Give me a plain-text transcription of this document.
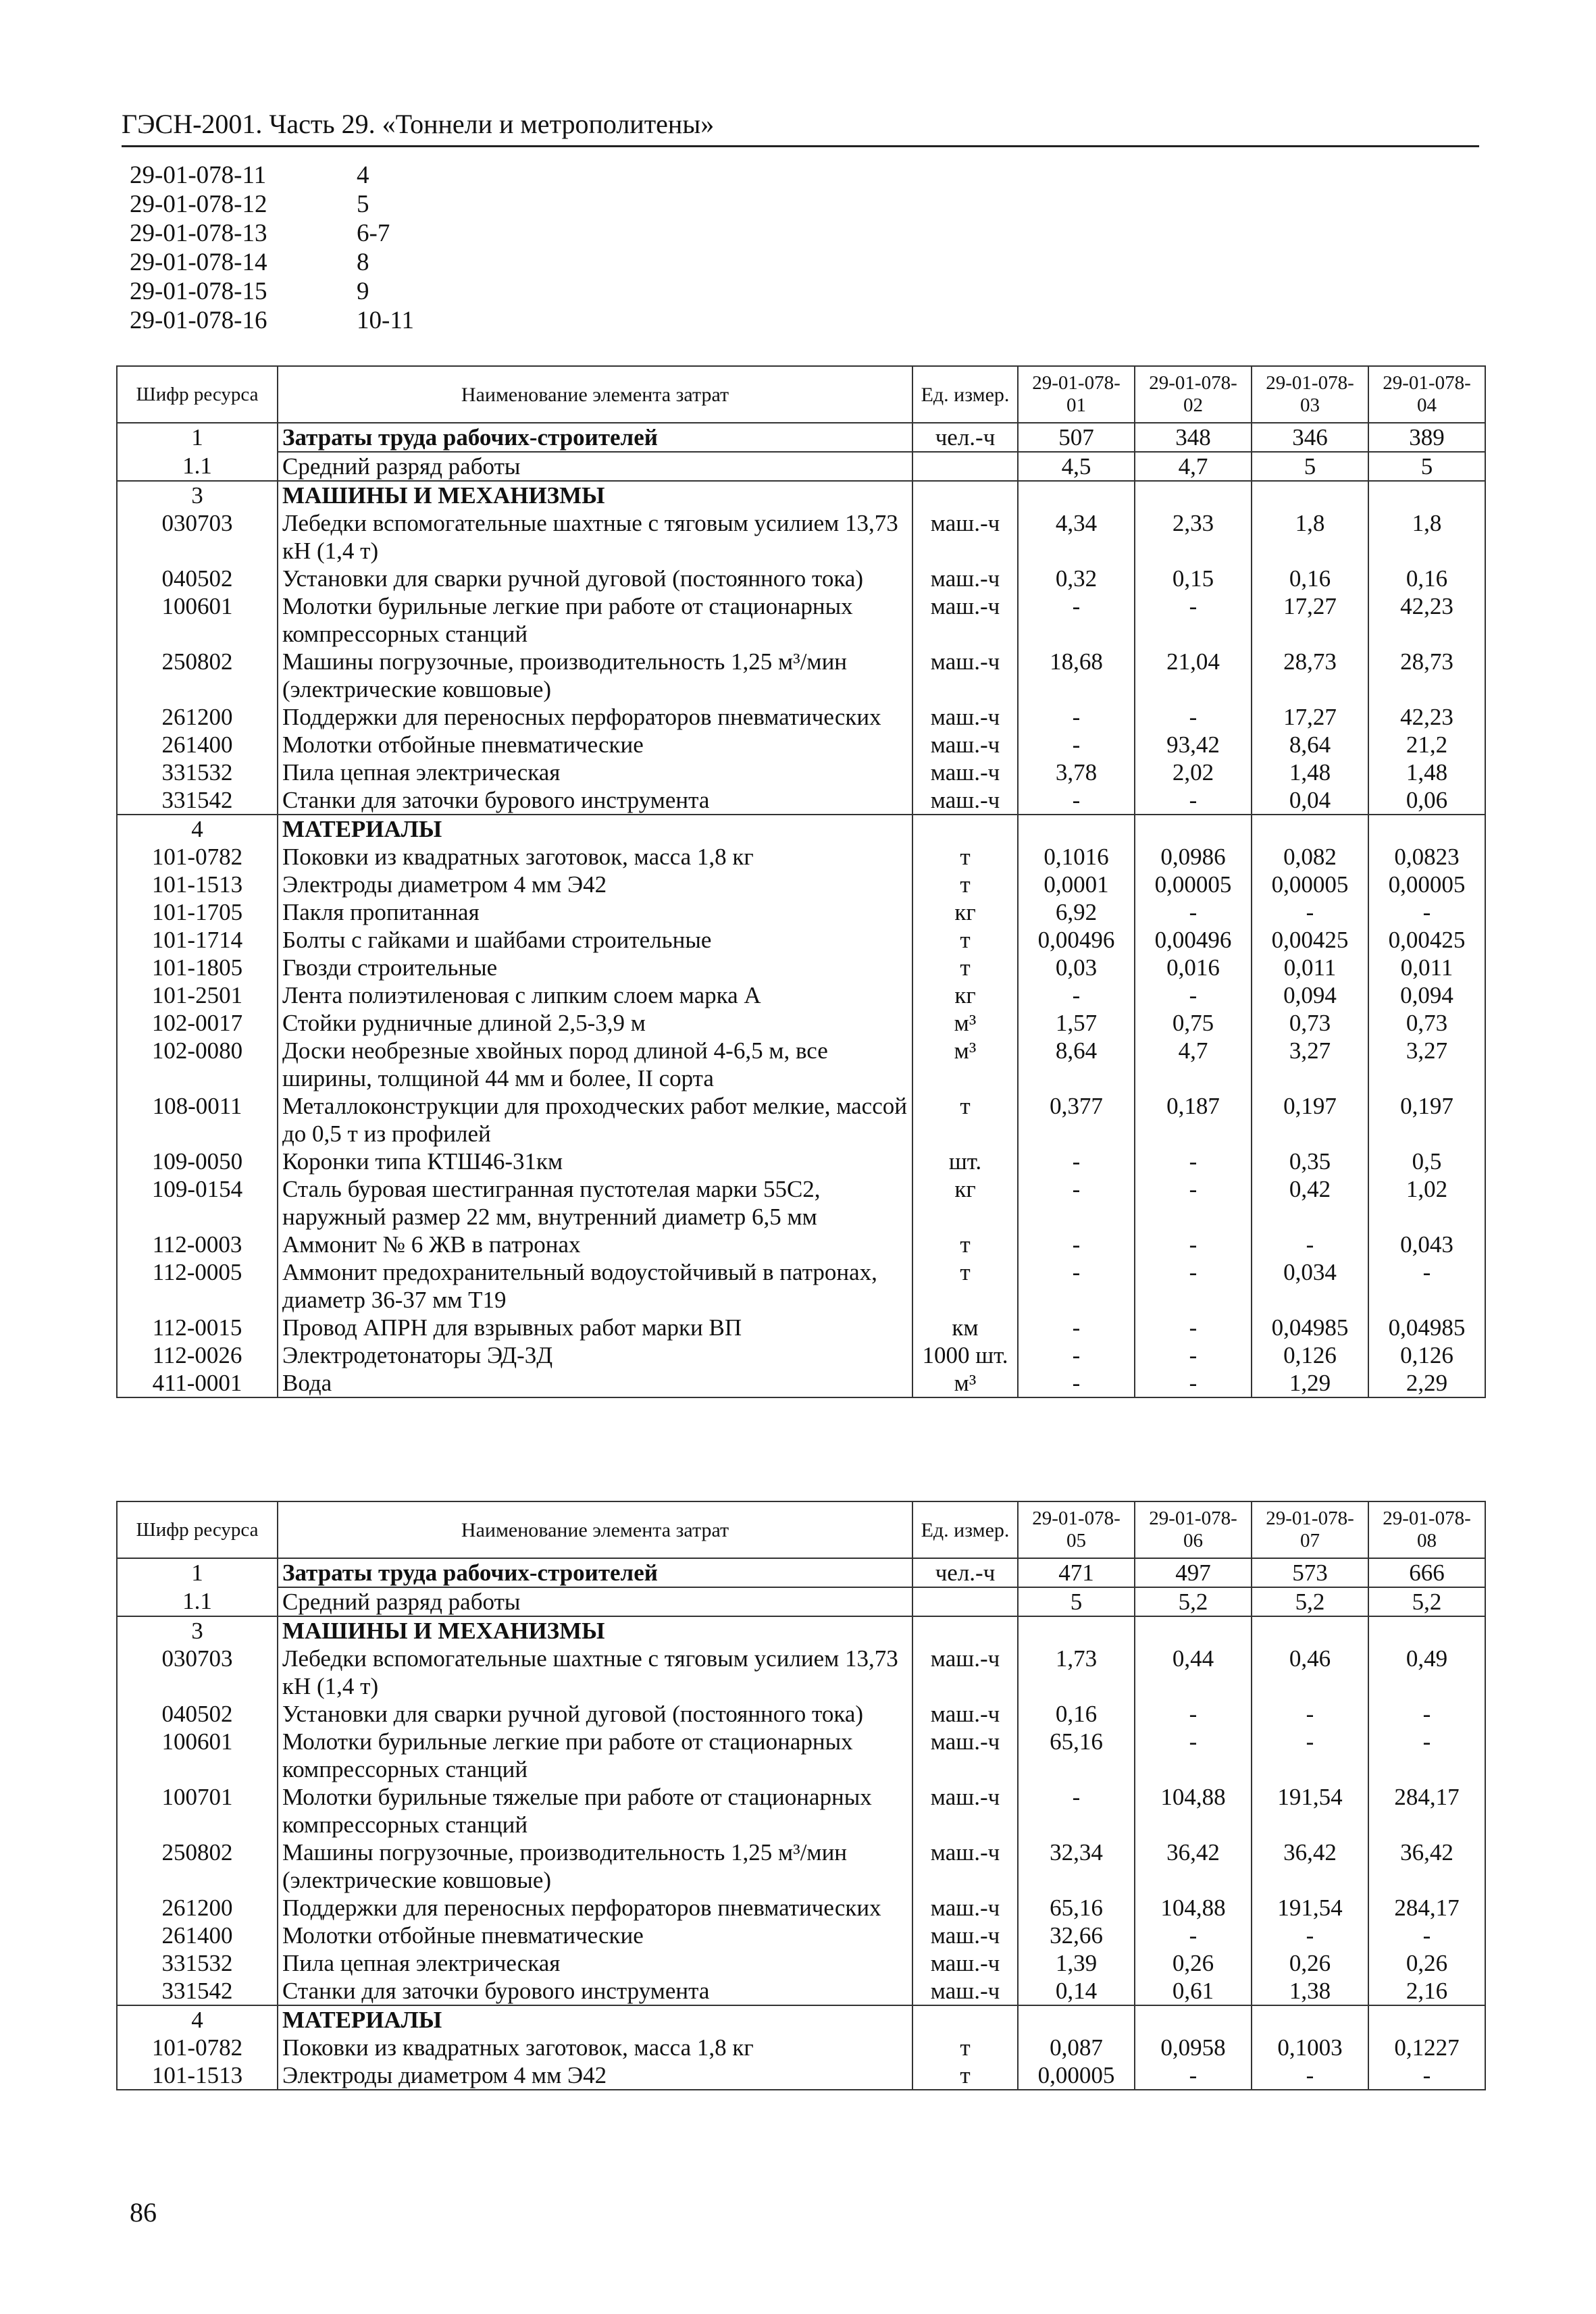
ГЭСН-2001. Часть 29. «Тоннели и метрополитены»
29-01-078-11	4
29-01-078-12	5
29-01-078-13	6-7
29-01-078-14	8
29-01-078-15	9
29-01-078-16	10-11
Шифр ресурса	Наименование элемента затрат	Ед. измер.	29-01-078-01	29-01-078-02	29-01-078-03	29-01-078-04
1	Затраты труда рабочих-строителей	чел.-ч	507	348	346	389
1.1	Средний разряд работы		4,5	4,7	5	5
3	МАШИНЫ И МЕХАНИЗМЫ					
030703	Лебедки вспомогательные шахтные с тяговым усилием 13,73 кН (1,4 т)	маш.-ч	4,34	2,33	1,8	1,8
040502	Установки для сварки ручной дуговой (постоянного тока)	маш.-ч	0,32	0,15	0,16	0,16
100601	Молотки бурильные легкие при работе от стационарных компрессорных станций	маш.-ч	-	-	17,27	42,23
250802	Машины погрузочные, производительность 1,25 м³/мин (электрические ковшовые)	маш.-ч	18,68	21,04	28,73	28,73
261200	Поддержки для переносных перфораторов пневматических	маш.-ч	-	-	17,27	42,23
261400	Молотки отбойные пневматические	маш.-ч	-	93,42	8,64	21,2
331532	Пила цепная электрическая	маш.-ч	3,78	2,02	1,48	1,48
331542	Станки для заточки бурового инструмента	маш.-ч	-	-	0,04	0,06
4	МАТЕРИАЛЫ					
101-0782	Поковки из квадратных заготовок, масса 1,8 кг	т	0,1016	0,0986	0,082	0,0823
101-1513	Электроды диаметром 4 мм Э42	т	0,0001	0,00005	0,00005	0,00005
101-1705	Пакля пропитанная	кг	6,92	-	-	-
101-1714	Болты с гайками и шайбами строительные	т	0,00496	0,00496	0,00425	0,00425
101-1805	Гвозди строительные	т	0,03	0,016	0,011	0,011
101-2501	Лента полиэтиленовая с липким слоем марка А	кг	-	-	0,094	0,094
102-0017	Стойки рудничные длиной 2,5-3,9 м	м³	1,57	0,75	0,73	0,73
102-0080	Доски необрезные хвойных пород длиной 4-6,5 м, все ширины, толщиной 44 мм и более, II сорта	м³	8,64	4,7	3,27	3,27
108-0011	Металлоконструкции для проходческих работ мелкие, массой до 0,5 т из профилей	т	0,377	0,187	0,197	0,197
109-0050	Коронки типа КТШ46-31км	шт.	-	-	0,35	0,5
109-0154	Сталь буровая шестигранная пустотелая марки 55С2, наружный размер 22 мм, внутренний диаметр 6,5 мм	кг	-	-	0,42	1,02
112-0003	Аммонит № 6 ЖВ в патронах	т	-	-	-	0,043
112-0005	Аммонит предохранительный водоустойчивый в патронах, диаметр 36-37 мм Т19	т	-	-	0,034	-
112-0015	Провод АПРН для взрывных работ марки ВП	км	-	-	0,04985	0,04985
112-0026	Электродетонаторы ЭД-3Д	1000 шт.	-	-	0,126	0,126
411-0001	Вода	м³	-	-	1,29	2,29
Шифр ресурса	Наименование элемента затрат	Ед. измер.	29-01-078-05	29-01-078-06	29-01-078-07	29-01-078-08
1	Затраты труда рабочих-строителей	чел.-ч	471	497	573	666
1.1	Средний разряд работы		5	5,2	5,2	5,2
3	МАШИНЫ И МЕХАНИЗМЫ					
030703	Лебедки вспомогательные шахтные с тяговым усилием 13,73 кН (1,4 т)	маш.-ч	1,73	0,44	0,46	0,49
040502	Установки для сварки ручной дуговой (постоянного тока)	маш.-ч	0,16	-	-	-
100601	Молотки бурильные легкие при работе от стационарных компрессорных станций	маш.-ч	65,16	-	-	-
100701	Молотки бурильные тяжелые при работе от стационарных компрессорных станций	маш.-ч	-	104,88	191,54	284,17
250802	Машины погрузочные, производительность 1,25 м³/мин (электрические ковшовые)	маш.-ч	32,34	36,42	36,42	36,42
261200	Поддержки для переносных перфораторов пневматических	маш.-ч	65,16	104,88	191,54	284,17
261400	Молотки отбойные пневматические	маш.-ч	32,66	-	-	-
331532	Пила цепная электрическая	маш.-ч	1,39	0,26	0,26	0,26
331542	Станки для заточки бурового инструмента	маш.-ч	0,14	0,61	1,38	2,16
4	МАТЕРИАЛЫ					
101-0782	Поковки из квадратных заготовок, масса 1,8 кг	т	0,087	0,0958	0,1003	0,1227
101-1513	Электроды диаметром 4 мм Э42	т	0,00005	-	-	-
86
